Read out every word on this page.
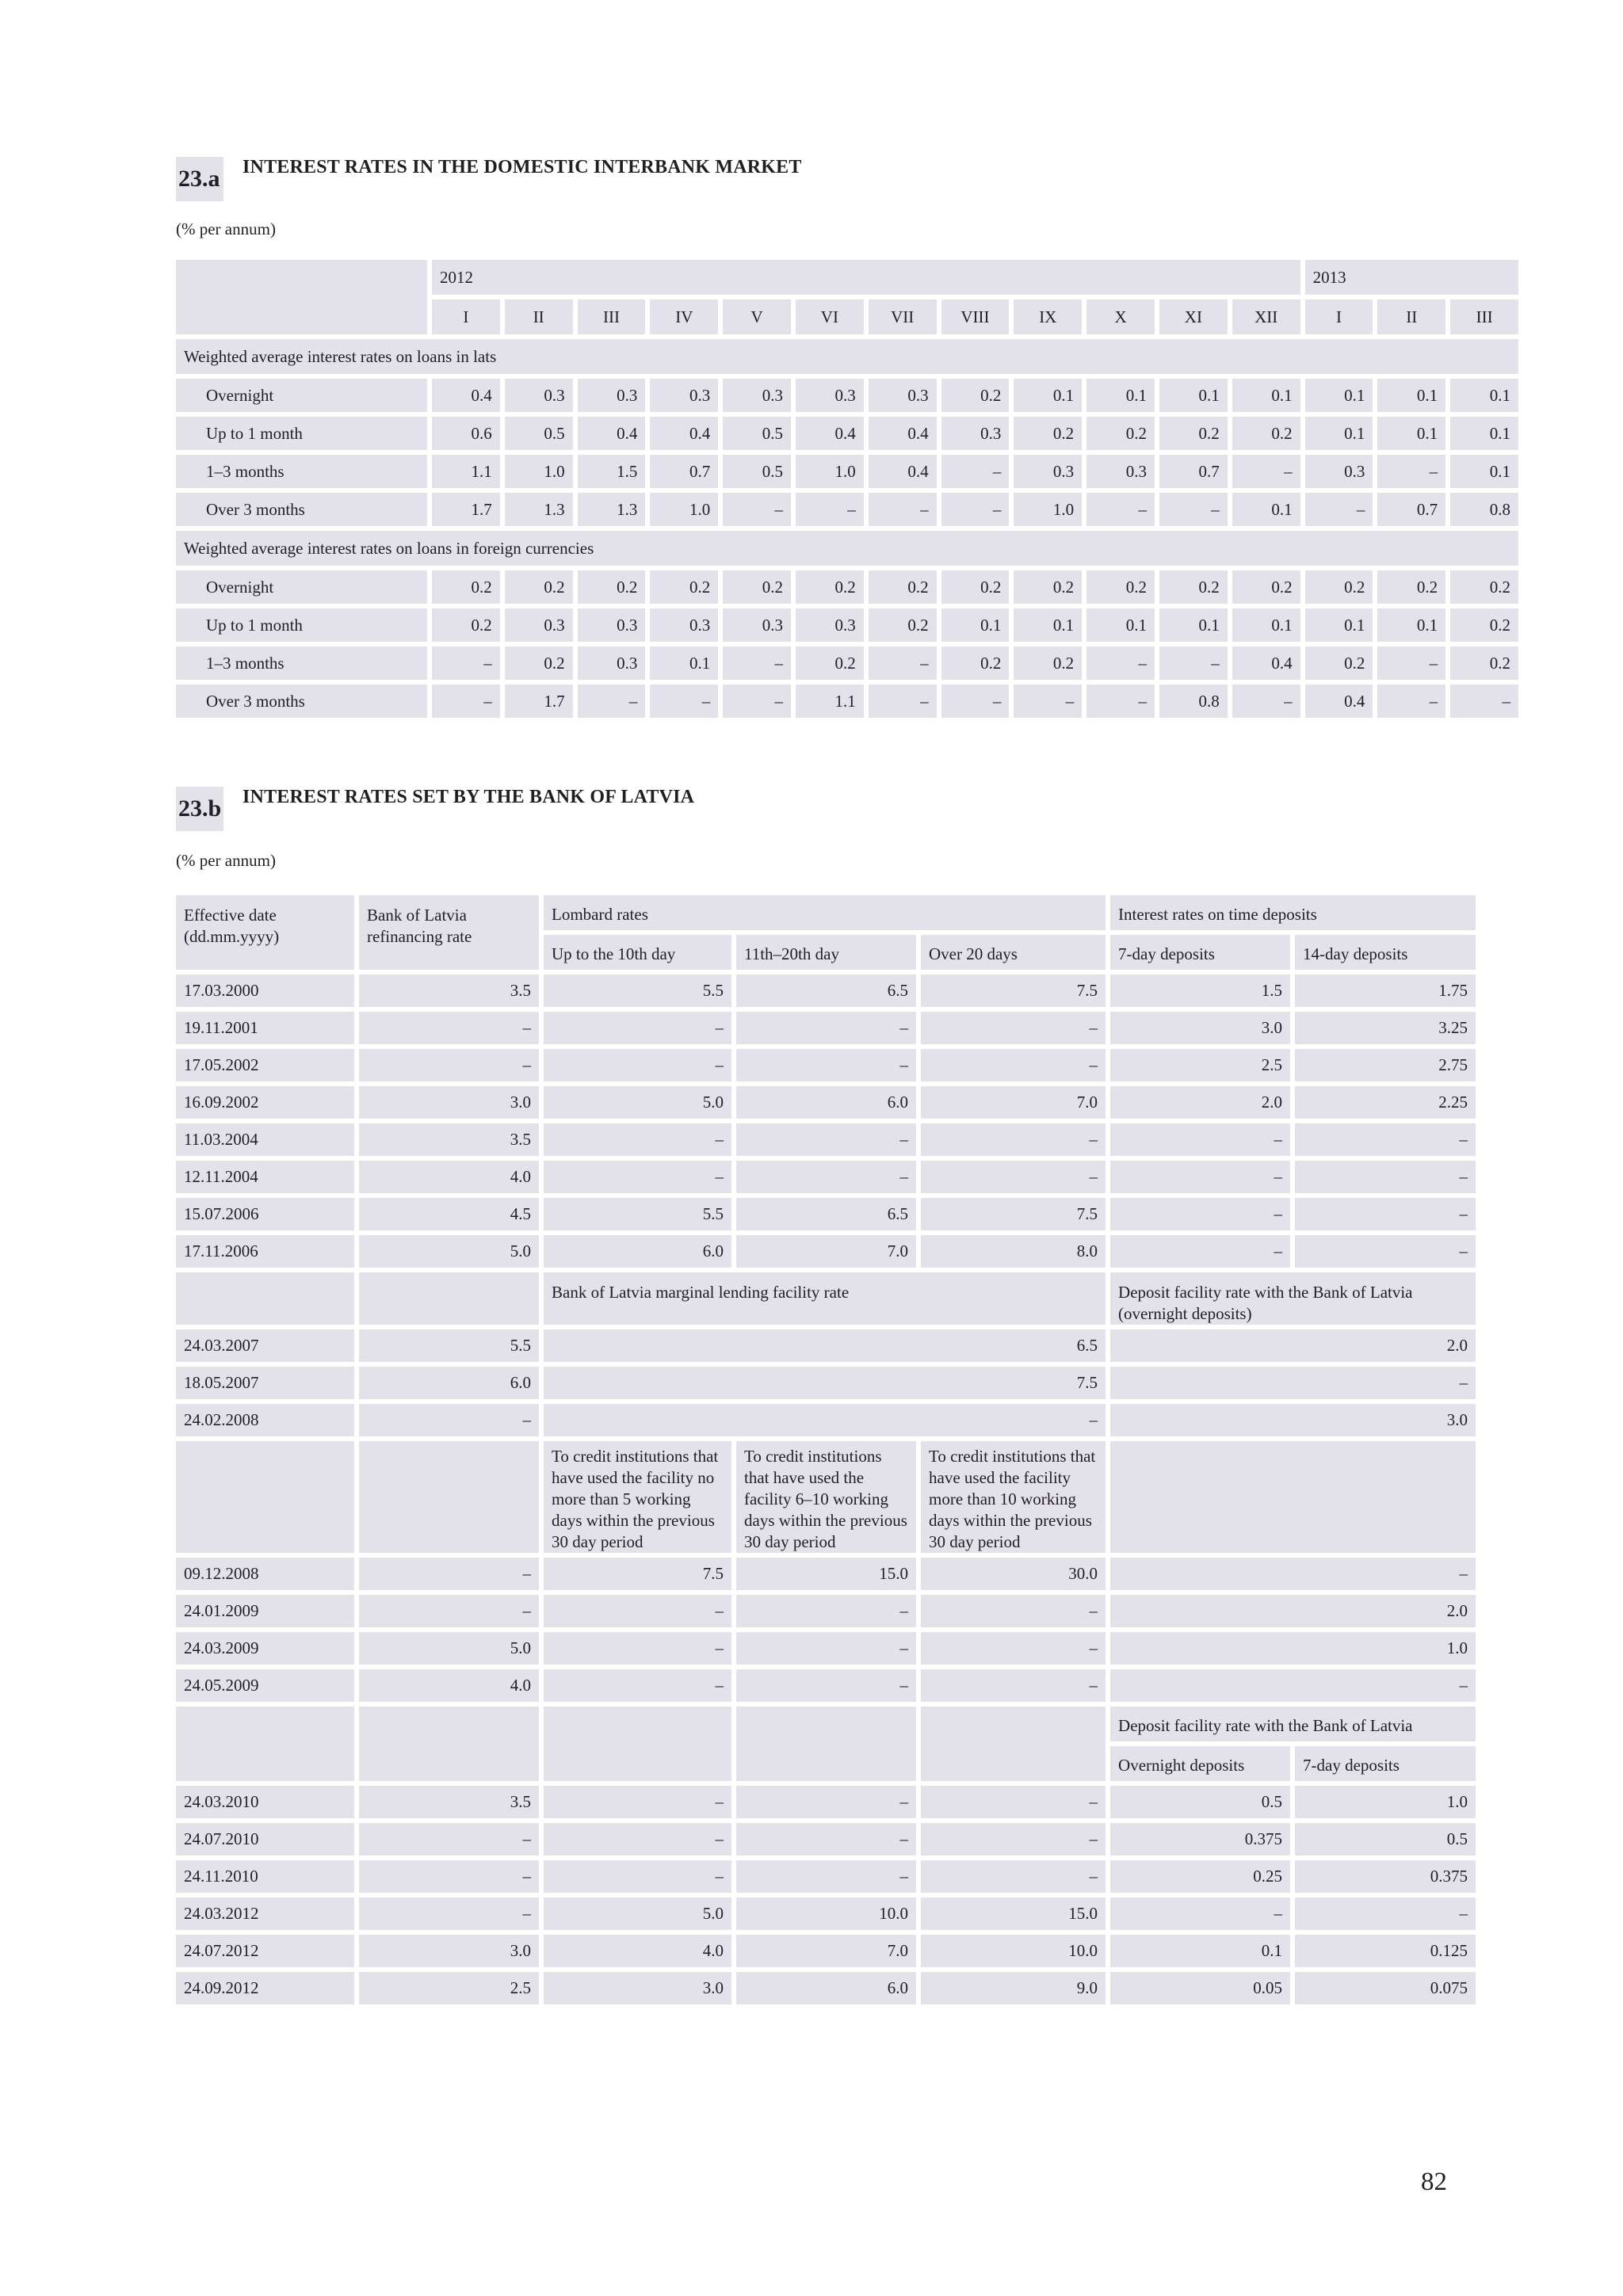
23.a INTEREST RATES IN THE DOMESTIC INTERBANK MARKET
(% per annum)
	2012												2013		
	I	II	III	IV	V	VI	VII	VIII	IX	X	XI	XII	I	II	III
Weighted average interest rates on loans in lats															
Overnight	0.4	0.3	0.3	0.3	0.3	0.3	0.3	0.2	0.1	0.1	0.1	0.1	0.1	0.1	0.1
Up to 1 month	0.6	0.5	0.4	0.4	0.5	0.4	0.4	0.3	0.2	0.2	0.2	0.2	0.1	0.1	0.1
1–3 months	1.1	1.0	1.5	0.7	0.5	1.0	0.4	–	0.3	0.3	0.7	–	0.3	–	0.1
Over 3 months	1.7	1.3	1.3	1.0	–	–	–	–	1.0	–	–	0.1	–	0.7	0.8
Weighted average interest rates on loans in foreign currencies															
Overnight	0.2	0.2	0.2	0.2	0.2	0.2	0.2	0.2	0.2	0.2	0.2	0.2	0.2	0.2	0.2
Up to 1 month	0.2	0.3	0.3	0.3	0.3	0.3	0.2	0.1	0.1	0.1	0.1	0.1	0.1	0.1	0.2
1–3 months	–	0.2	0.3	0.1	–	0.2	–	0.2	0.2	–	–	0.4	0.2	–	0.2
Over 3 months	–	1.7	–	–	–	1.1	–	–	–	–	0.8	–	0.4	–	–
23.b INTEREST RATES SET BY THE BANK OF LATVIA
(% per annum)
Effective date (dd.mm.yyyy)	Bank of Latvia refinancing rate	Lombard rates			Interest rates on time deposits	
		Up to the 10th day	11th–20th day	Over 20 days	7-day deposits	14-day deposits
17.03.2000	3.5	5.5	6.5	7.5	1.5	1.75
19.11.2001	–	–	–	–	3.0	3.25
17.05.2002	–	–	–	–	2.5	2.75
16.09.2002	3.0	5.0	6.0	7.0	2.0	2.25
11.03.2004	3.5	–	–	–	–	–
12.11.2004	4.0	–	–	–	–	–
15.07.2006	4.5	5.5	6.5	7.5	–	–
17.11.2006	5.0	6.0	7.0	8.0	–	–
		Bank of Latvia marginal lending facility rate			Deposit facility rate with the Bank of Latvia (overnight deposits)	
24.03.2007	5.5	6.5			2.0	
18.05.2007	6.0	7.5			–	
24.02.2008	–	–			3.0	
		To credit institutions that have used the facility no more than 5 working days within the previous 30 day period	To credit institutions that have used the facility 6–10 working days within the previous 30 day period	To credit institutions that have used the facility more than 10 working days within the previous 30 day period		
09.12.2008	–	7.5	15.0	30.0	–	
24.01.2009	–	–	–	–	2.0	
24.03.2009	5.0	–	–	–	1.0	
24.05.2009	4.0	–	–	–	–	
					Deposit facility rate with the Bank of Latvia	
					Overnight deposits	7-day deposits
24.03.2010	3.5	–	–	–	0.5	1.0
24.07.2010	–	–	–	–	0.375	0.5
24.11.2010	–	–	–	–	0.25	0.375
24.03.2012	–	5.0	10.0	15.0	–	–
24.07.2012	3.0	4.0	7.0	10.0	0.1	0.125
24.09.2012	2.5	3.0	6.0	9.0	0.05	0.075
82
